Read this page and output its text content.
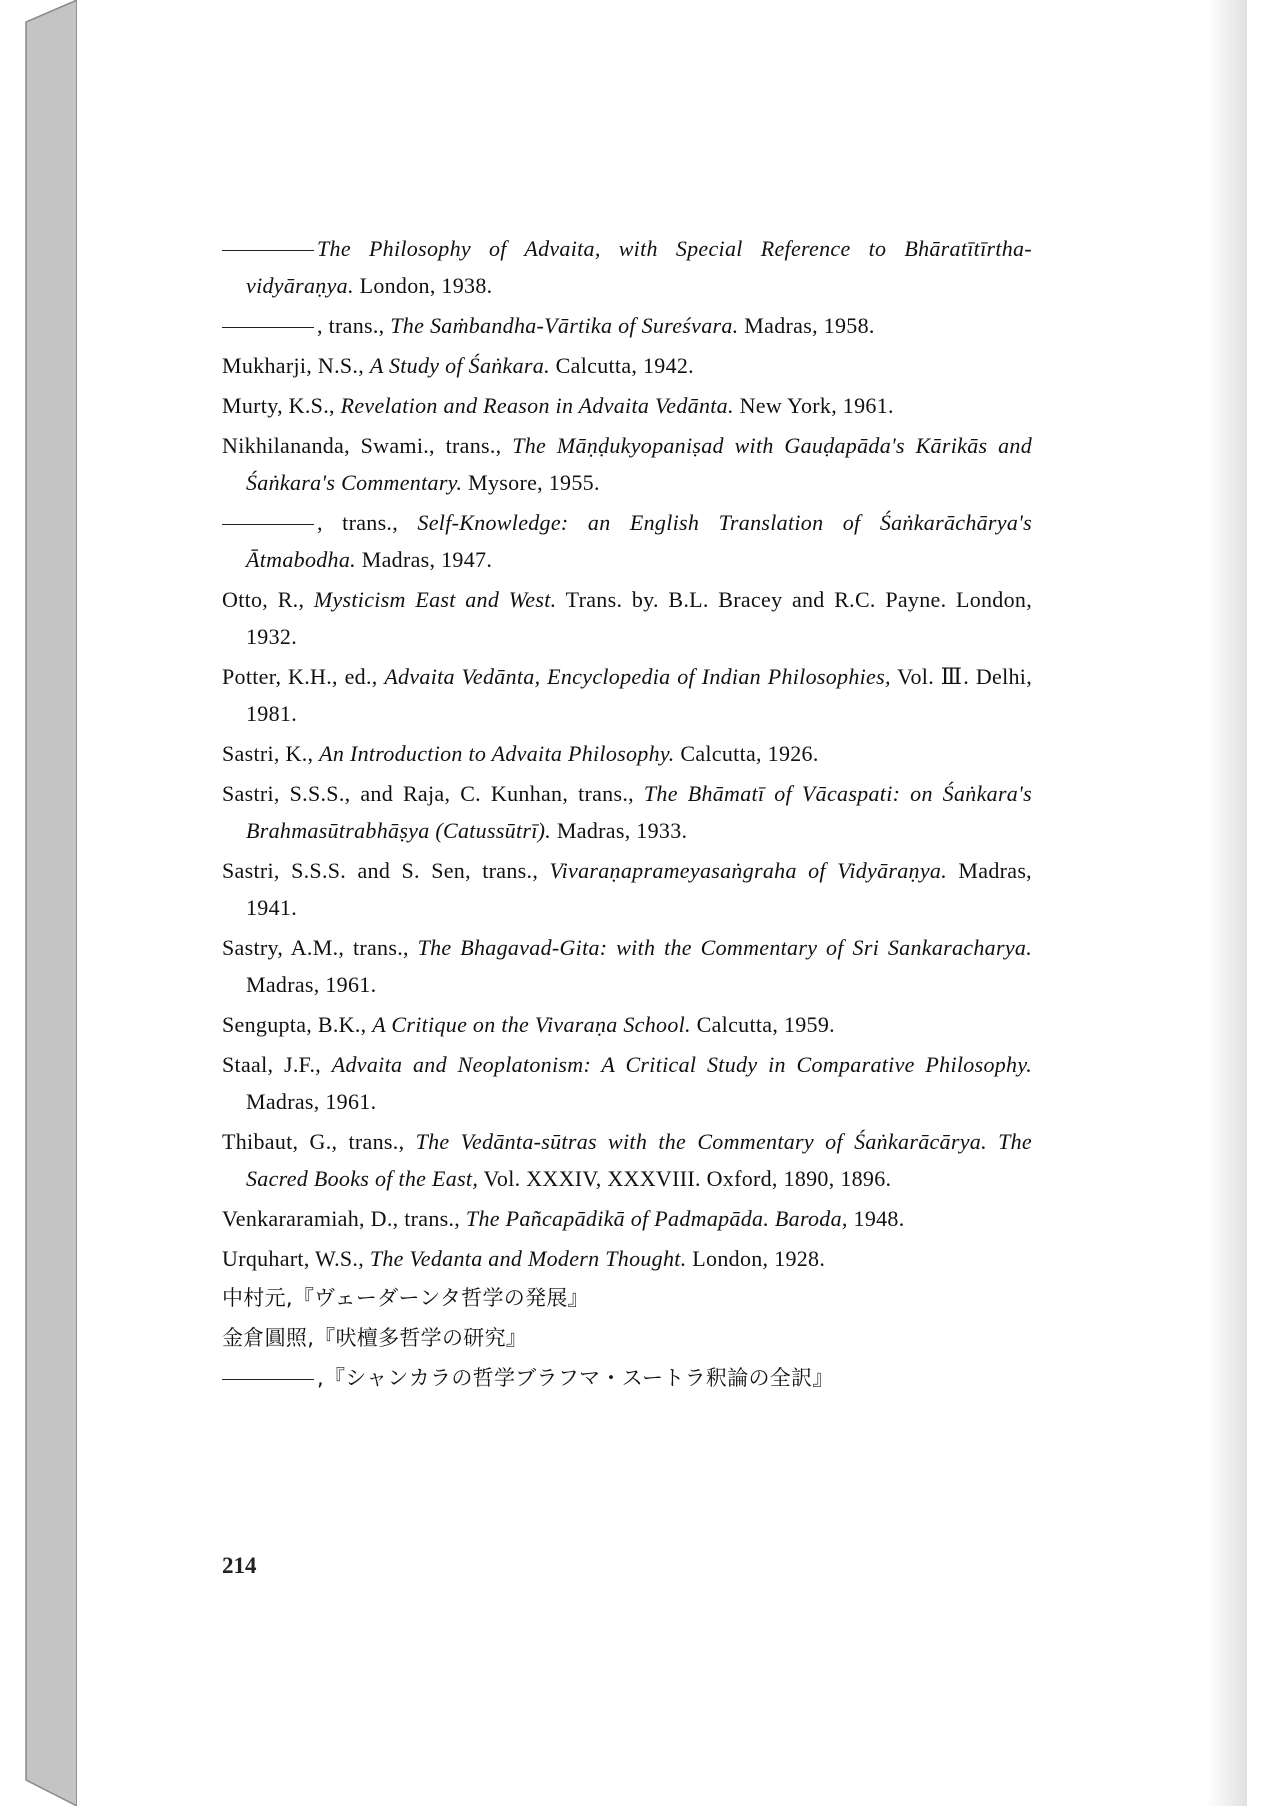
The Philosophy of Advaita, with Special Reference to Bhāratītīrtha-vidyāraṇya. London, 1938.

, trans., The Saṁbandha-Vārtika of Sureśvara. Madras, 1958.

Mukharji, N.S., A Study of Śaṅkara. Calcutta, 1942.

Murty, K.S., Revelation and Reason in Advaita Vedānta. New York, 1961.

Nikhilananda, Swami., trans., The Māṇḍukyopaniṣad with Gauḍapāda's Kārikās and Śaṅkara's Commentary. Mysore, 1955.

, trans., Self-Knowledge: an English Translation of Śaṅkarāchārya's Ātmabodha. Madras, 1947.

Otto, R., Mysticism East and West. Trans. by. B.L. Bracey and R.C. Payne. London, 1932.

Potter, K.H., ed., Advaita Vedānta, Encyclopedia of Indian Philosophies, Vol. Ⅲ. Delhi, 1981.

Sastri, K., An Introduction to Advaita Philosophy. Calcutta, 1926.

Sastri, S.S.S., and Raja, C. Kunhan, trans., The Bhāmatī of Vācaspati: on Śaṅkara's Brahmasūtrabhāṣya (Catussūtrī). Madras, 1933.

Sastri, S.S.S. and S. Sen, trans., Vivaraṇaprameyasaṅgraha of Vidyāraṇya. Madras, 1941.

Sastry, A.M., trans., The Bhagavad-Gita: with the Commentary of Sri Sankaracharya. Madras, 1961.

Sengupta, B.K., A Critique on the Vivaraṇa School. Calcutta, 1959.

Staal, J.F., Advaita and Neoplatonism: A Critical Study in Comparative Philosophy. Madras, 1961.

Thibaut, G., trans., The Vedānta-sūtras with the Commentary of Śaṅkarācārya. The Sacred Books of the East, Vol. XXXIV, XXXVIII. Oxford, 1890, 1896.

Venkararamiah, D., trans., The Pañcapādikā of Padmapāda. Baroda, 1948.

Urquhart, W.S., The Vedanta and Modern Thought. London, 1928.

中村元,『ヴェーダーンタ哲学の発展』

金倉圓照,『吠檀多哲学の研究』

,『シャンカラの哲学ブラフマ・スートラ釈論の全訳』

214
